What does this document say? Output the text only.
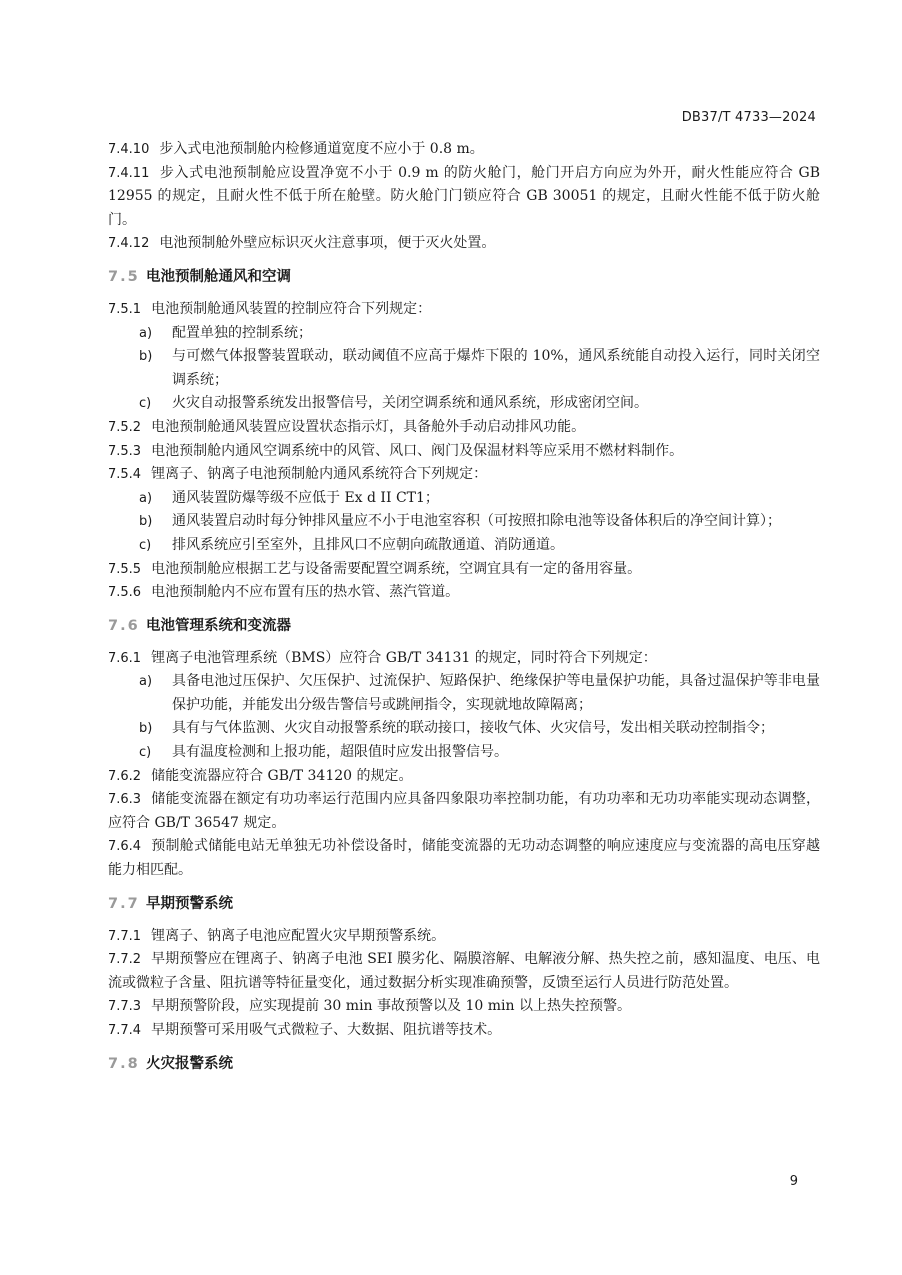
DB37/T 4733—2024

7.4.10 步入式电池预制舱内检修通道宽度不应小于 0.8 m。

7.4.11 步入式电池预制舱应设置净宽不小于 0.9 m 的防火舱门，舱门开启方向应为外开，耐火性能应符合 GB 12955 的规定，且耐火性不低于所在舱壁。防火舱门门锁应符合 GB 30051 的规定，且耐火性能不低于防火舱门。

7.4.12 电池预制舱外壁应标识灭火注意事项，便于灭火处置。

7.5 电池预制舱通风和空调

7.5.1 电池预制舱通风装置的控制应符合下列规定：

a)	配置单独的控制系统；
b)	与可燃气体报警装置联动，联动阈值不应高于爆炸下限的 10%，通风系统能自动投入运行，同时关闭空调系统；
c)	火灾自动报警系统发出报警信号，关闭空调系统和通风系统，形成密闭空间。

7.5.2 电池预制舱通风装置应设置状态指示灯，具备舱外手动启动排风功能。

7.5.3 电池预制舱内通风空调系统中的风管、风口、阀门及保温材料等应采用不燃材料制作。

7.5.4 锂离子、钠离子电池预制舱内通风系统符合下列规定：

a)	通风装置防爆等级不应低于 Ex d II CT1；
b)	通风装置启动时每分钟排风量应不小于电池室容积（可按照扣除电池等设备体积后的净空间计算）；
c)	排风系统应引至室外，且排风口不应朝向疏散通道、消防通道。

7.5.5 电池预制舱应根据工艺与设备需要配置空调系统，空调宜具有一定的备用容量。

7.5.6 电池预制舱内不应布置有压的热水管、蒸汽管道。

7.6 电池管理系统和变流器

7.6.1 锂离子电池管理系统（BMS）应符合 GB/T 34131 的规定，同时符合下列规定：

a)	具备电池过压保护、欠压保护、过流保护、短路保护、绝缘保护等电量保护功能，具备过温保护等非电量保护功能，并能发出分级告警信号或跳闸指令，实现就地故障隔离；
b)	具有与气体监测、火灾自动报警系统的联动接口，接收气体、火灾信号，发出相关联动控制指令；
c)	具有温度检测和上报功能，超限值时应发出报警信号。

7.6.2 储能变流器应符合 GB/T 34120 的规定。

7.6.3 储能变流器在额定有功功率运行范围内应具备四象限功率控制功能，有功功率和无功功率能实现动态调整，应符合 GB/T 36547 规定。

7.6.4 预制舱式储能电站无单独无功补偿设备时，储能变流器的无功动态调整的响应速度应与变流器的高电压穿越能力相匹配。

7.7 早期预警系统

7.7.1 锂离子、钠离子电池应配置火灾早期预警系统。

7.7.2 早期预警应在锂离子、钠离子电池 SEI 膜劣化、隔膜溶解、电解液分解、热失控之前，感知温度、电压、电流或微粒子含量、阻抗谱等特征量变化，通过数据分析实现准确预警，反馈至运行人员进行防范处置。

7.7.3 早期预警阶段，应实现提前 30 min 事故预警以及 10 min 以上热失控预警。

7.7.4 早期预警可采用吸气式微粒子、大数据、阻抗谱等技术。

7.8 火灾报警系统
9
